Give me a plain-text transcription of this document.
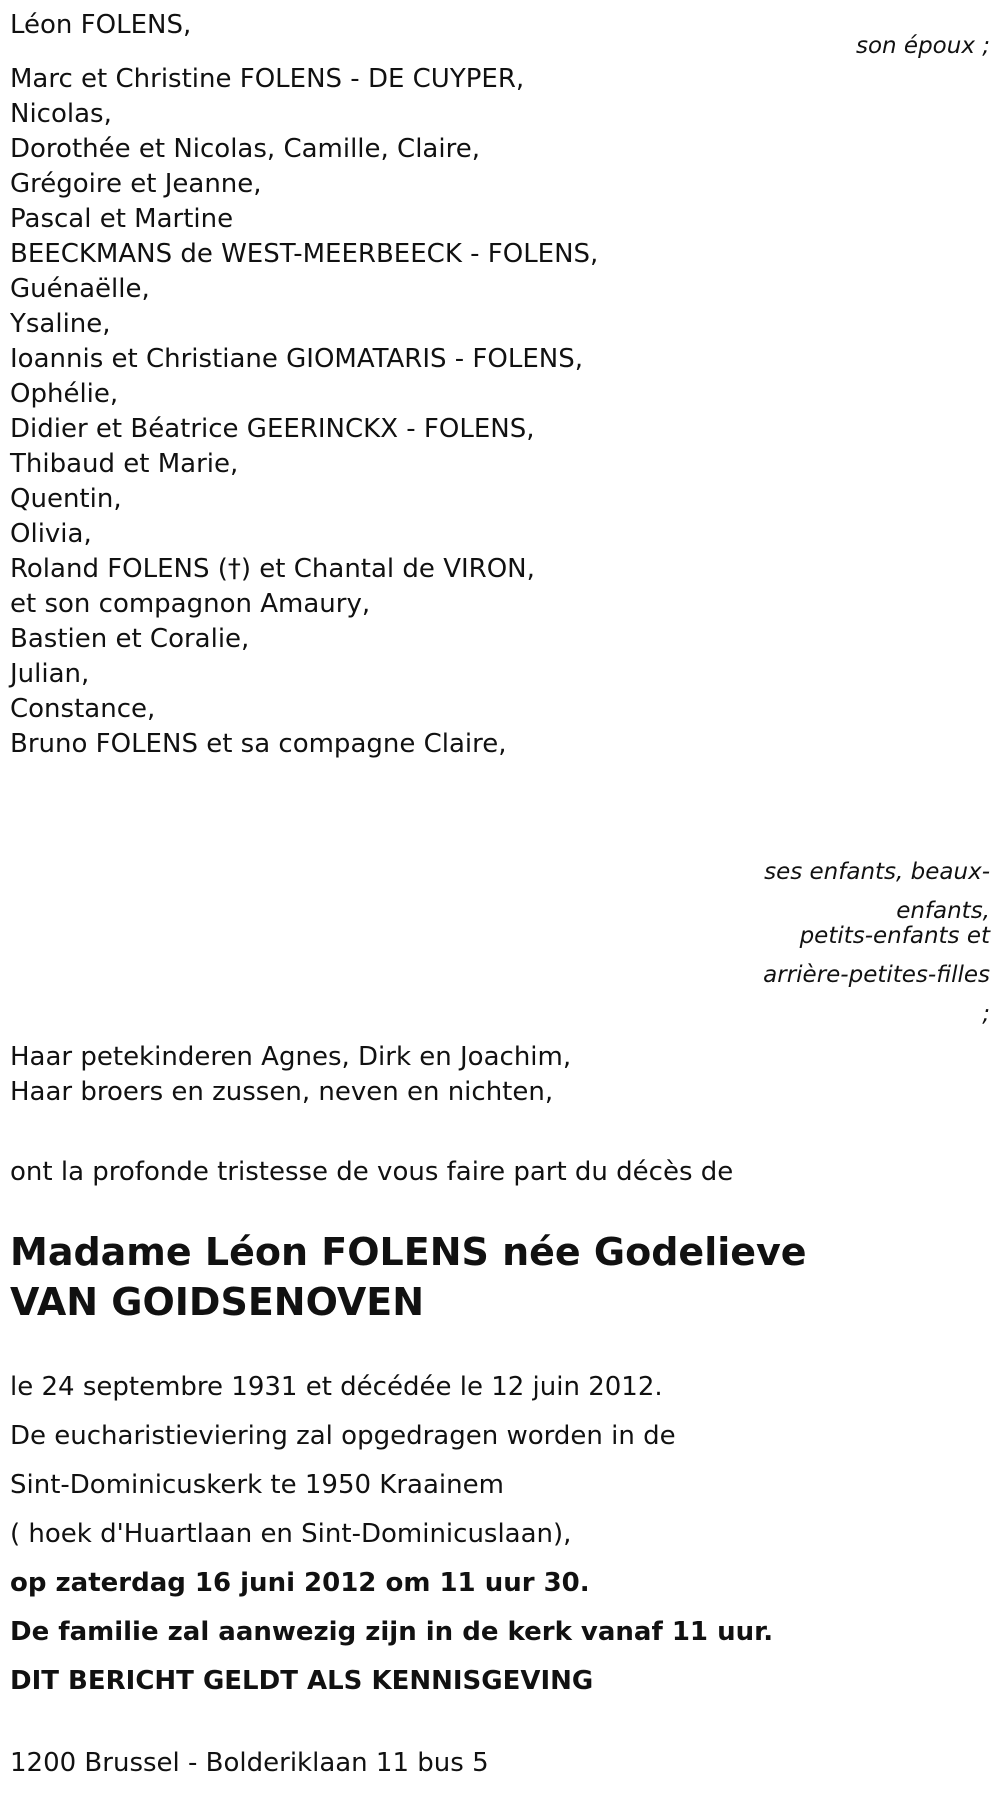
Léon FOLENS,
son époux ;
Marc et Christine FOLENS - DE CUYPER,
Nicolas,
Dorothée et Nicolas, Camille, Claire,
Grégoire et Jeanne,
Pascal et Martine
BEECKMANS de WEST-MEERBEECK - FOLENS,
Guénaëlle,
Ysaline,
Ioannis et Christiane GIOMATARIS - FOLENS,
Ophélie,
Didier et Béatrice GEERINCKX - FOLENS,
Thibaud et Marie,
Quentin,
Olivia,
Roland FOLENS (†) et Chantal de VIRON,
et son compagnon Amaury,
Bastien et Coralie,
Julian,
Constance,
Bruno FOLENS et sa compagne Claire,
ses enfants, beaux-
enfants,
petits-enfants et
arrière-petites-filles
;
Haar petekinderen Agnes, Dirk en Joachim,
Haar broers en zussen, neven en nichten,
ont la profonde tristesse de vous faire part du décès de
Madame Léon FOLENS née Godelieve VAN GOIDSENOVEN
le 24 septembre 1931 et décédée le 12 juin 2012.
De eucharistieviering zal opgedragen worden in de
Sint-Dominicuskerk te 1950 Kraainem
( hoek d'Huartlaan en Sint-Dominicuslaan),
op zaterdag 16 juni 2012 om 11 uur 30.
De familie zal aanwezig zijn in de kerk vanaf 11 uur.
DIT BERICHT GELDT ALS KENNISGEVING
1200 Brussel - Bolderiklaan 11 bus 5
